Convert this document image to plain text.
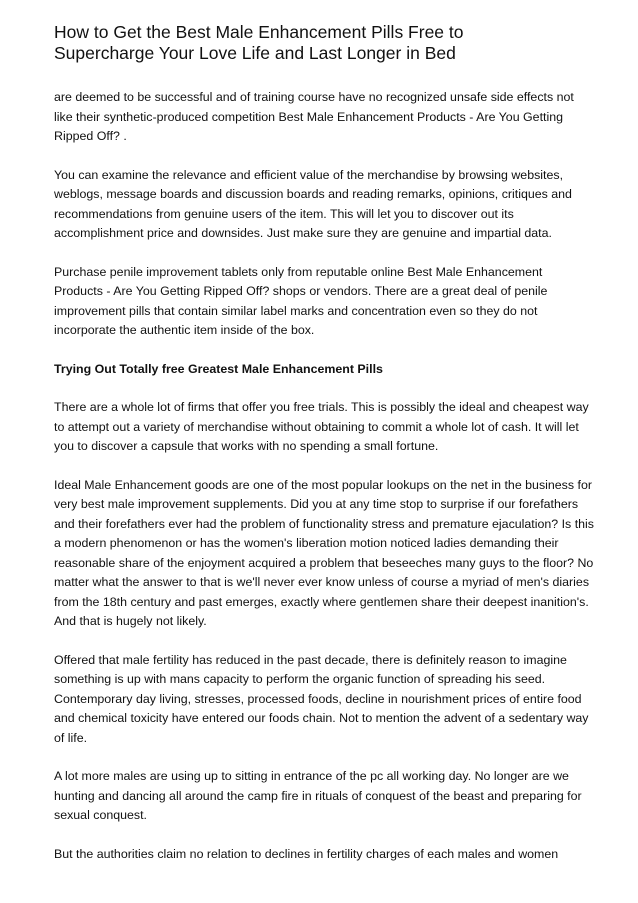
How to Get the Best Male Enhancement Pills Free to
Supercharge Your Love Life and Last Longer in Bed

are deemed to be successful and of training course have no recognized unsafe side effects not like their synthetic-produced competition Best Male Enhancement Products - Are You Getting Ripped Off? .

You can examine the relevance and efficient value of the merchandise by browsing websites, weblogs, message boards and discussion boards and reading remarks, opinions, critiques and recommendations from genuine users of the item. This will let you to discover out its accomplishment price and downsides. Just make sure they are genuine and impartial data.

Purchase penile improvement tablets only from reputable online Best Male Enhancement Products - Are You Getting Ripped Off? shops or vendors. There are a great deal of penile improvement pills that contain similar label marks and concentration even so they do not incorporate the authentic item inside of the box.

Trying Out Totally free Greatest Male Enhancement Pills

There are a whole lot of firms that offer you free trials. This is possibly the ideal and cheapest way to attempt out a variety of merchandise without obtaining to commit a whole lot of cash. It will let you to discover a capsule that works with no spending a small fortune.

Ideal Male Enhancement goods are one of the most popular lookups on the net in the business for very best male improvement supplements. Did you at any time stop to surprise if our forefathers and their forefathers ever had the problem of functionality stress and premature ejaculation? Is this a modern phenomenon or has the women's liberation motion noticed ladies demanding their reasonable share of the enjoyment acquired a problem that beseeches many guys to the floor? No matter what the answer to that is we'll never ever know unless of course a myriad of men's diaries from the 18th century and past emerges, exactly where gentlemen share their deepest inanition's. And that is hugely not likely.

Offered that male fertility has reduced in the past decade, there is definitely reason to imagine something is up with mans capacity to perform the organic function of spreading his seed. Contemporary day living, stresses, processed foods, decline in nourishment prices of entire food and chemical toxicity have entered our foods chain. Not to mention the advent of a sedentary way of life.

A lot more males are using up to sitting in entrance of the pc all working day. No longer are we hunting and dancing all around the camp fire in rituals of conquest of the beast and preparing for sexual conquest.

But the authorities claim no relation to declines in fertility charges of each males and women
